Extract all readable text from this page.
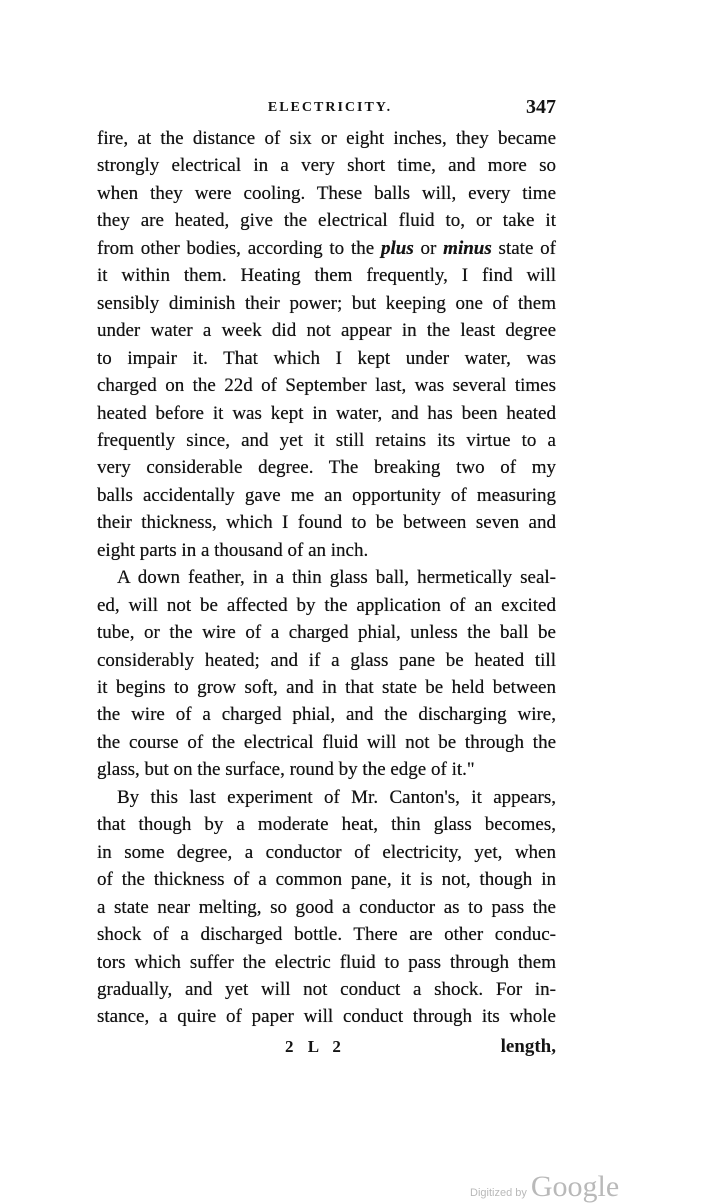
ELECTRICITY.	347
fire, at the distance of six or eight inches, they became
strongly electrical in a very short time, and more so
when they were cooling. These balls will, every time
they are heated, give the electrical fluid to, or take it
from other bodies, according to the plus or minus state of
it within them. Heating them frequently, I find will
sensibly diminish their power; but keeping one of them
under water a week did not appear in the least degree
to impair it. That which I kept under water, was
charged on the 22d of September last, was several times
heated before it was kept in water, and has been heated
frequently since, and yet it still retains its virtue to a
very considerable degree. The breaking two of my
balls accidentally gave me an opportunity of measuring
their thickness, which I found to be between seven and
eight parts in a thousand of an inch.
A down feather, in a thin glass ball, hermetically seal-
ed, will not be affected by the application of an excited
tube, or the wire of a charged phial, unless the ball be
considerably heated; and if a glass pane be heated till
it begins to grow soft, and in that state be held between
the wire of a charged phial, and the discharging wire,
the course of the electrical fluid will not be through the
glass, but on the surface, round by the edge of it."
By this last experiment of Mr. Canton's, it appears,
that though by a moderate heat, thin glass becomes,
in some degree, a conductor of electricity, yet, when
of the thickness of a common pane, it is not, though in
a state near melting, so good a conductor as to pass the
shock of a discharged bottle. There are other conduc-
tors which suffer the electric fluid to pass through them
gradually, and yet will not conduct a shock. For in-
stance, a quire of paper will conduct through its whole
2 L 2	length,
Digitized by Google
